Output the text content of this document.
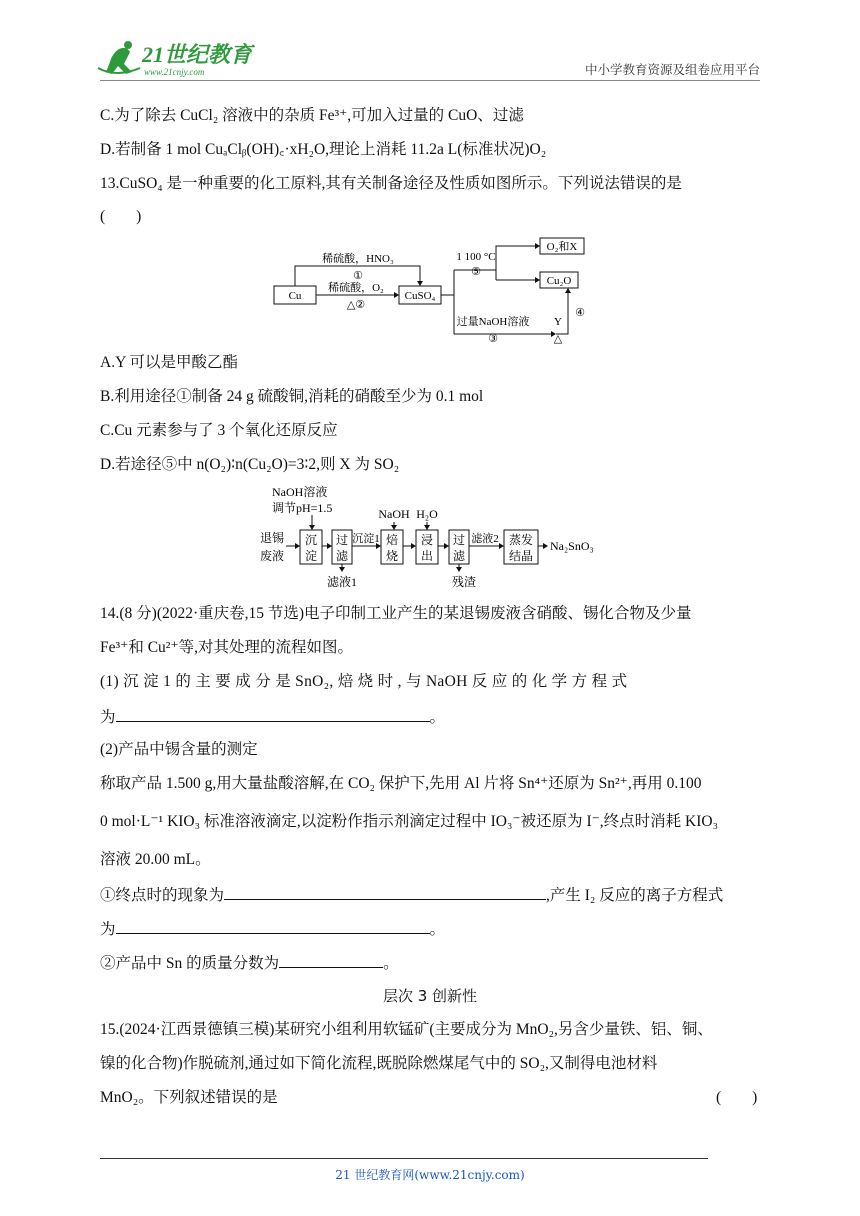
21世纪教育
www.21cnjy.com	中小学教育资源及组卷应用平台
C.为了除去 CuCl₂ 溶液中的杂质 Fe³⁺,可加入过量的 CuO、过滤
D.若制备 1 mol CuₐClᵦ(OH)꜀·xH₂O,理论上消耗 11.2a L(标准状况)O₂
13.CuSO₄ 是一种重要的化工原料,其有关制备途径及性质如图所示。下列说法错误的是
(　　)
Cu	CuSO₄
稀硫酸，HNO₃
①
稀硫酸，O₂
△②
1 100 °C
⑤
O₂和X
Cu₂O
过量NaOH溶液
③
Y
△
④
A.Y 可以是甲酸乙酯
B.利用途径①制备 24 g 硫酸铜,消耗的硝酸至少为 0.1 mol
C.Cu 元素参与了 3 个氧化还原反应
D.若途径⑤中 n(O₂)∶n(Cu₂O)=3∶2,则 X 为 SO₂
NaOH溶液
调节pH=1.5
退锡
废液
沉
淀
过
滤
滤液1
沉淀1 焙
烧
NaOH
浸
出
H₂O
过
滤
残渣
滤液2 蒸发
结晶
Na₂SnO₃
14.(8 分)(2022·重庆卷,15 节选)电子印制工业产生的某退锡废液含硝酸、锡化合物及少量
Fe³⁺和 Cu²⁺等,对其处理的流程如图。
(1) 沉 淀 1 的 主 要 成 分 是 SnO₂, 焙 烧 时 , 与 NaOH 反 应 的 化 学 方 程 式
为	。
(2)产品中锡含量的测定
称取产品 1.500 g,用大量盐酸溶解,在 CO₂ 保护下,先用 Al 片将 Sn⁴⁺还原为 Sn²⁺,再用 0.100
0 mol·L⁻¹ KIO₃ 标准溶液滴定,以淀粉作指示剂滴定过程中 IO₃⁻被还原为 I⁻,终点时消耗 KIO₃
溶液 20.00 mL。
①终点时的现象为	,产生 I₂ 反应的离子方程式
为	。
②产品中 Sn 的质量分数为	。
层次 3 创新性
15.(2024·江西景德镇三模)某研究小组利用软锰矿(主要成分为 MnO₂,另含少量铁、铝、铜、
镍的化合物)作脱硫剂,通过如下简化流程,既脱除燃煤尾气中的 SO₂,又制得电池材料
MnO₂。下列叙述错误的是	(　　)
21 世纪教育网(www.21cnjy.com)
